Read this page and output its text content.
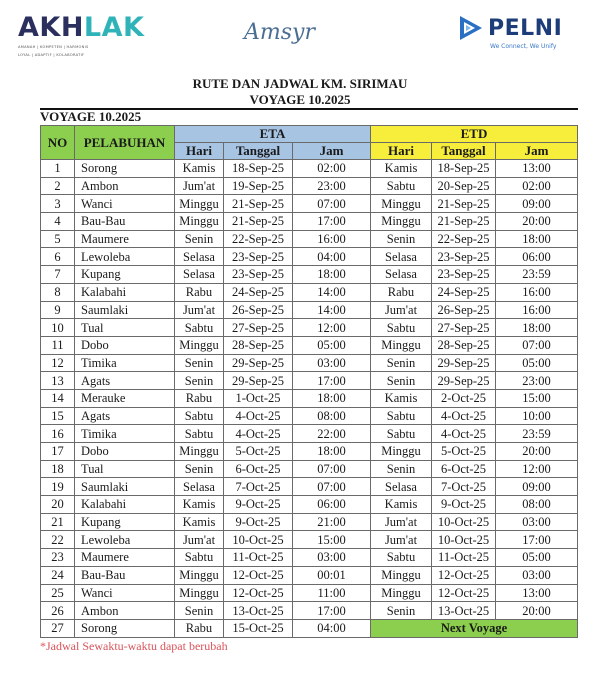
AKHLAK
AMANAH | KOMPETEN | HARMONIS
LOYAL | ADAPTIF | KOLABORATIF
Amsyr	PELNI
We Connect, We Unify
RUTE DAN JADWAL KM. SIRIMAU
VOYAGE 10.2025
VOYAGE 10.2025
NO	PELABUHAN	ETA			ETD		
		Hari	Tanggal	Jam	Hari	Tanggal	Jam
1	Sorong	Kamis	18-Sep-25	02:00	Kamis	18-Sep-25	13:00
2	Ambon	Jum'at	19-Sep-25	23:00	Sabtu	20-Sep-25	02:00
3	Wanci	Minggu	21-Sep-25	07:00	Minggu	21-Sep-25	09:00
4	Bau-Bau	Minggu	21-Sep-25	17:00	Minggu	21-Sep-25	20:00
5	Maumere	Senin	22-Sep-25	16:00	Senin	22-Sep-25	18:00
6	Lewoleba	Selasa	23-Sep-25	04:00	Selasa	23-Sep-25	06:00
7	Kupang	Selasa	23-Sep-25	18:00	Selasa	23-Sep-25	23:59
8	Kalabahi	Rabu	24-Sep-25	14:00	Rabu	24-Sep-25	16:00
9	Saumlaki	Jum'at	26-Sep-25	14:00	Jum'at	26-Sep-25	16:00
10	Tual	Sabtu	27-Sep-25	12:00	Sabtu	27-Sep-25	18:00
11	Dobo	Minggu	28-Sep-25	05:00	Minggu	28-Sep-25	07:00
12	Timika	Senin	29-Sep-25	03:00	Senin	29-Sep-25	05:00
13	Agats	Senin	29-Sep-25	17:00	Senin	29-Sep-25	23:00
14	Merauke	Rabu	1-Oct-25	18:00	Kamis	2-Oct-25	15:00
15	Agats	Sabtu	4-Oct-25	08:00	Sabtu	4-Oct-25	10:00
16	Timika	Sabtu	4-Oct-25	22:00	Sabtu	4-Oct-25	23:59
17	Dobo	Minggu	5-Oct-25	18:00	Minggu	5-Oct-25	20:00
18	Tual	Senin	6-Oct-25	07:00	Senin	6-Oct-25	12:00
19	Saumlaki	Selasa	7-Oct-25	07:00	Selasa	7-Oct-25	09:00
20	Kalabahi	Kamis	9-Oct-25	06:00	Kamis	9-Oct-25	08:00
21	Kupang	Kamis	9-Oct-25	21:00	Jum'at	10-Oct-25	03:00
22	Lewoleba	Jum'at	10-Oct-25	15:00	Jum'at	10-Oct-25	17:00
23	Maumere	Sabtu	11-Oct-25	03:00	Sabtu	11-Oct-25	05:00
24	Bau-Bau	Minggu	12-Oct-25	00:01	Minggu	12-Oct-25	03:00
25	Wanci	Minggu	12-Oct-25	11:00	Minggu	12-Oct-25	13:00
26	Ambon	Senin	13-Oct-25	17:00	Senin	13-Oct-25	20:00
27	Sorong	Rabu	15-Oct-25	04:00	Next Voyage		
*Jadwal Sewaktu-waktu dapat berubah
